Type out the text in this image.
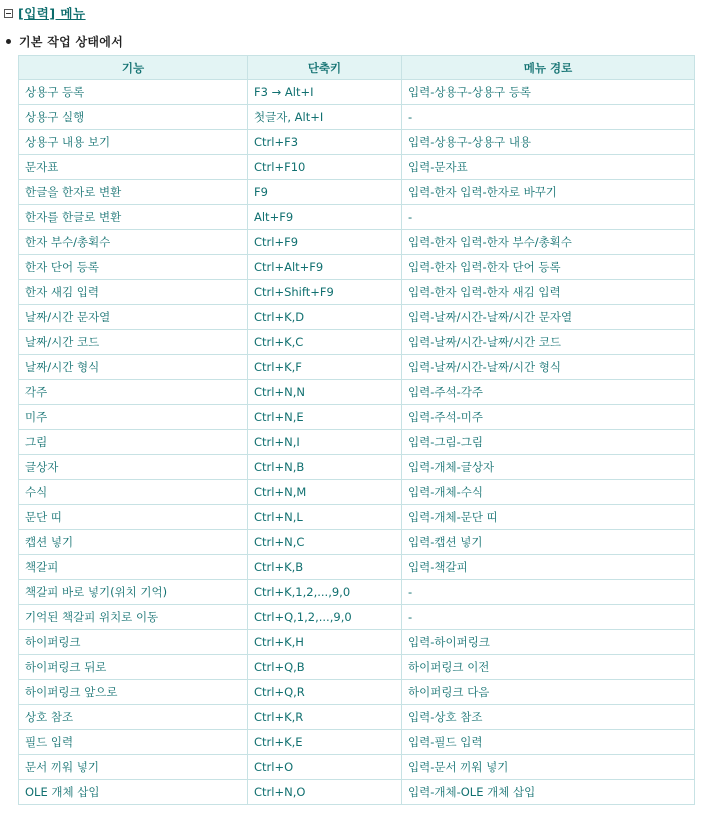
[입력] 메뉴
기본 작업 상태에서
기능	단축키	메뉴 경로
상용구 등록	F3 → Alt+I	입력-상용구-상용구 등록
상용구 실행	첫글자, Alt+I	-
상용구 내용 보기	Ctrl+F3	입력-상용구-상용구 내용
문자표	Ctrl+F10	입력-문자표
한글을 한자로 변환	F9	입력-한자 입력-한자로 바꾸기
한자를 한글로 변환	Alt+F9	-
한자 부수/총획수	Ctrl+F9	입력-한자 입력-한자 부수/총획수
한자 단어 등록	Ctrl+Alt+F9	입력-한자 입력-한자 단어 등록
한자 새김 입력	Ctrl+Shift+F9	입력-한자 입력-한자 새김 입력
날짜/시간 문자열	Ctrl+K,D	입력-날짜/시간-날짜/시간 문자열
날짜/시간 코드	Ctrl+K,C	입력-날짜/시간-날짜/시간 코드
날짜/시간 형식	Ctrl+K,F	입력-날짜/시간-날짜/시간 형식
각주	Ctrl+N,N	입력-주석-각주
미주	Ctrl+N,E	입력-주석-미주
그림	Ctrl+N,I	입력-그림-그림
글상자	Ctrl+N,B	입력-개체-글상자
수식	Ctrl+N,M	입력-개체-수식
문단 띠	Ctrl+N,L	입력-개체-문단 띠
캡션 넣기	Ctrl+N,C	입력-캡션 넣기
책갈피	Ctrl+K,B	입력-책갈피
책갈피 바로 넣기(위치 기억)	Ctrl+K,1,2,...,9,0	-
기억된 책갈피 위치로 이동	Ctrl+Q,1,2,...,9,0	-
하이퍼링크	Ctrl+K,H	입력-하이퍼링크
하이퍼링크 뒤로	Ctrl+Q,B	하이퍼링크 이전
하이퍼링크 앞으로	Ctrl+Q,R	하이퍼링크 다음
상호 참조	Ctrl+K,R	입력-상호 참조
필드 입력	Ctrl+K,E	입력-필드 입력
문서 끼워 넣기	Ctrl+O	입력-문서 끼워 넣기
OLE 개체 삽입	Ctrl+N,O	입력-개체-OLE 개체 삽입
